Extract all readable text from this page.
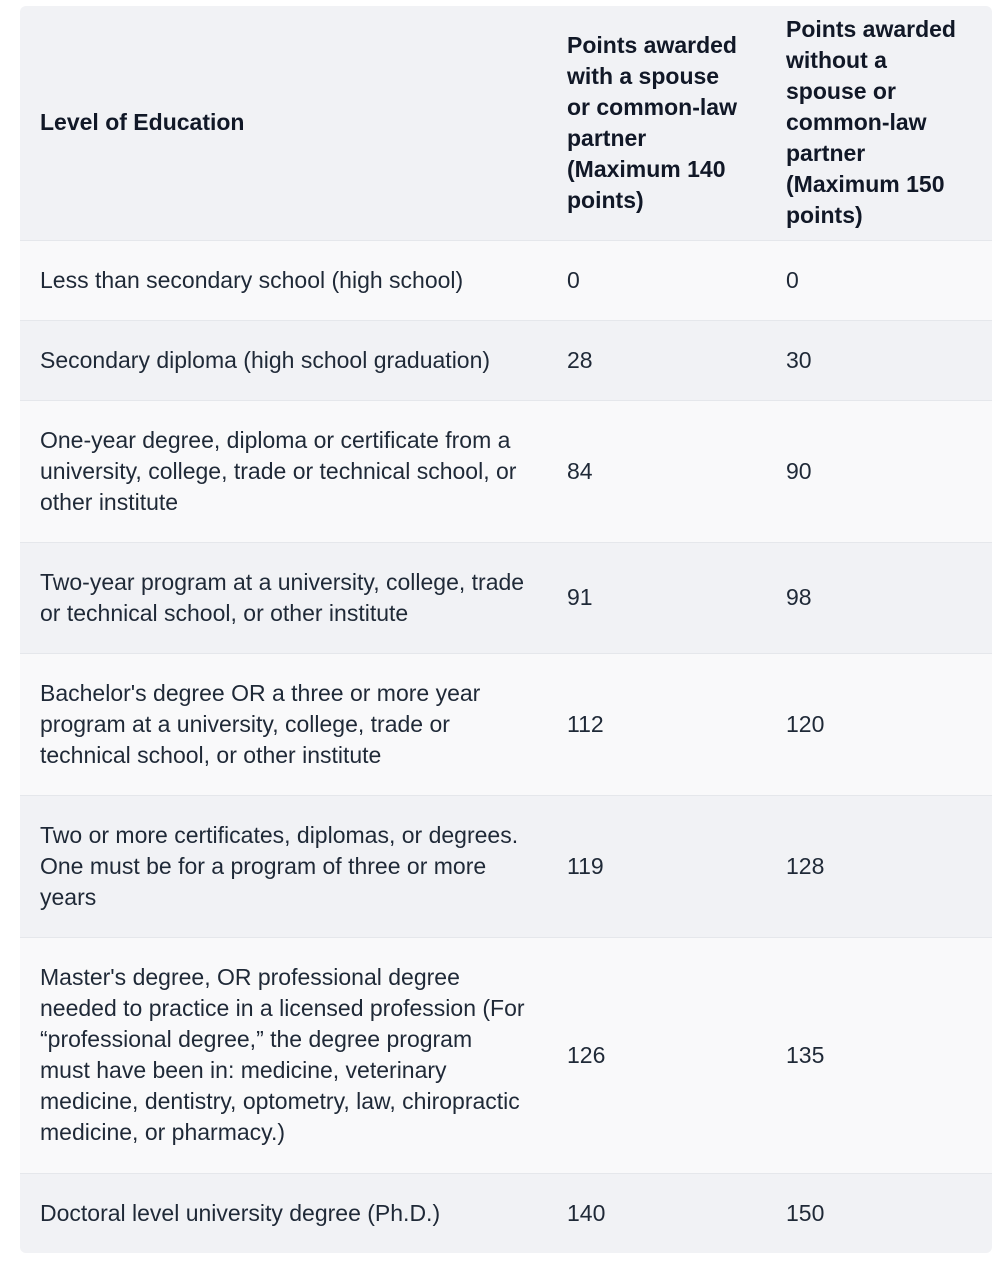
Level of Education	Points awarded with a spouse or common-law partner (Maximum 140 points)	Points awarded without a spouse or common-law partner (Maximum 150 points)
Less than secondary school (high school)	0	0
Secondary diploma (high school graduation)	28	30
One-year degree, diploma or certificate from a university, college, trade or technical school, or other institute	84	90
Two-year program at a university, college, trade or technical school, or other institute	91	98
Bachelor's degree OR a three or more year program at a university, college, trade or technical school, or other institute	112	120
Two or more certificates, diplomas, or degrees. One must be for a program of three or more years	119	128
Master's degree, OR professional degree needed to practice in a licensed profession (For “professional degree,” the degree program must have been in: medicine, veterinary medicine, dentistry, optometry, law, chiropractic medicine, or pharmacy.)	126	135
Doctoral level university degree (Ph.D.)	140	150
